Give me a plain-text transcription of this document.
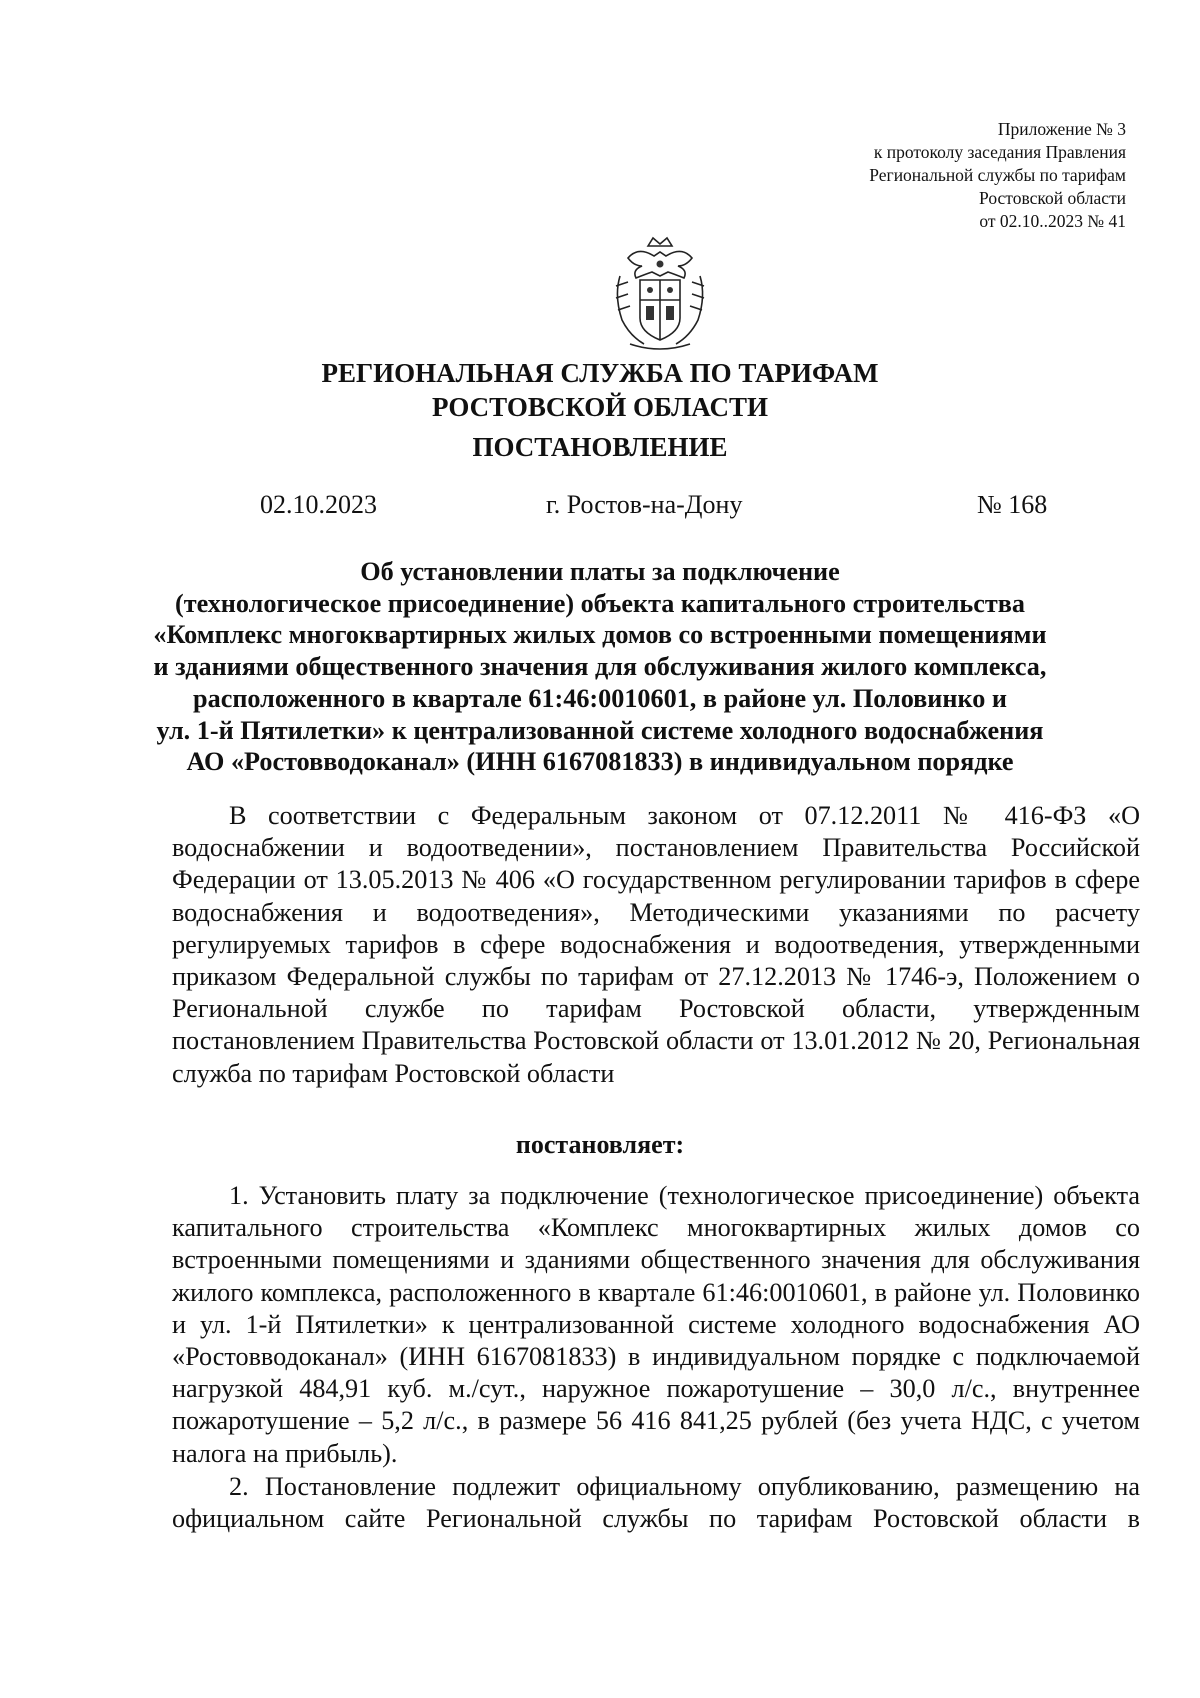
Приложение № 3
к протоколу заседания Правления
Региональной службы по тарифам
Ростовской области
от 02.10..2023 № 41
РЕГИОНАЛЬНАЯ СЛУЖБА ПО ТАРИФАМ
РОСТОВСКОЙ ОБЛАСТИ
ПОСТАНОВЛЕНИЕ
02.10.2023	г. Ростов-на-Дону	№ 168
Об установлении платы за подключение
(технологическое присоединение) объекта капитального строительства
«Комплекс многоквартирных жилых домов со встроенными помещениями
и зданиями общественного значения для обслуживания жилого комплекса,
расположенного в квартале 61:46:0010601, в районе ул. Половинко и
ул. 1-й Пятилетки» к централизованной системе холодного водоснабжения
АО «Ростовводоканал» (ИНН 6167081833) в индивидуальном порядке
В соответствии с Федеральным законом от 07.12.2011 № 416-ФЗ «О водоснабжении и водоотведении», постановлением Правительства Российской Федерации от 13.05.2013 № 406 «О государственном регулировании тарифов в сфере водоснабжения и водоотведения», Методическими указаниями по расчету регулируемых тарифов в сфере водоснабжения и водоотведения, утвержденными приказом Федеральной службы по тарифам от 27.12.2013 № 1746-э, Положением о Региональной службе по тарифам Ростовской области, утвержденным постановлением Правительства Ростовской области от 13.01.2012 № 20, Региональная служба по тарифам Ростовской области
постановляет:
1. Установить плату за подключение (технологическое присоединение) объекта капитального строительства «Комплекс многоквартирных жилых домов со встроенными помещениями и зданиями общественного значения для обслуживания жилого комплекса, расположенного в квартале 61:46:0010601, в районе ул. Половинко и ул. 1-й Пятилетки» к централизованной системе холодного водоснабжения АО «Ростовводоканал» (ИНН 6167081833) в индивидуальном порядке с подключаемой нагрузкой 484,91 куб. м./сут., наружное пожаротушение – 30,0 л/с., внутреннее пожаротушение – 5,2 л/с., в размере 56 416 841,25 рублей (без учета НДС, с учетом налога на прибыль).
2. Постановление подлежит официальному опубликованию, размещению на официальном сайте Региональной службы по тарифам Ростовской области в
